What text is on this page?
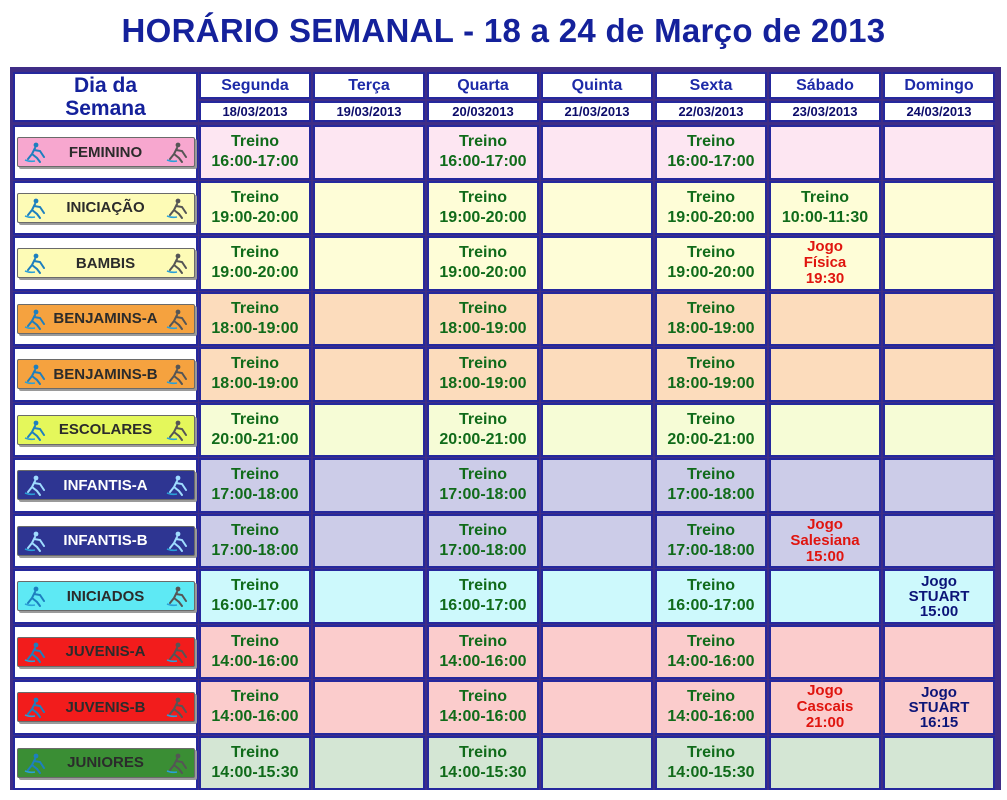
HORÁRIO SEMANAL - 18 a 24 de Março de 2013
Dia da
Semana
Segunda
18/03/2013
Terça
19/03/2013
Quarta
20/032013
Quinta
21/03/2013
Sexta
22/03/2013
Sábado
23/03/2013
Domingo
24/03/2013
FEMININO
Treino
16:00-17:00
Treino
16:00-17:00
Treino
16:00-17:00
INICIAÇÃO
Treino
19:00-20:00
Treino
19:00-20:00
Treino
19:00-20:00
Treino
10:00-11:30
BAMBIS
Treino
19:00-20:00
Treino
19:00-20:00
Treino
19:00-20:00
Jogo
Física
19:30
BENJAMINS-A
Treino
18:00-19:00
Treino
18:00-19:00
Treino
18:00-19:00
BENJAMINS-B
Treino
18:00-19:00
Treino
18:00-19:00
Treino
18:00-19:00
ESCOLARES
Treino
20:00-21:00
Treino
20:00-21:00
Treino
20:00-21:00
INFANTIS-A
Treino
17:00-18:00
Treino
17:00-18:00
Treino
17:00-18:00
INFANTIS-B
Treino
17:00-18:00
Treino
17:00-18:00
Treino
17:00-18:00
Jogo
Salesiana
15:00
INICIADOS
Treino
16:00-17:00
Treino
16:00-17:00
Treino
16:00-17:00
Jogo
STUART
15:00
JUVENIS-A
Treino
14:00-16:00
Treino
14:00-16:00
Treino
14:00-16:00
JUVENIS-B
Treino
14:00-16:00
Treino
14:00-16:00
Treino
14:00-16:00
Jogo
Cascais
21:00
Jogo
STUART
16:15
JUNIORES
Treino
14:00-15:30
Treino
14:00-15:30
Treino
14:00-15:30
